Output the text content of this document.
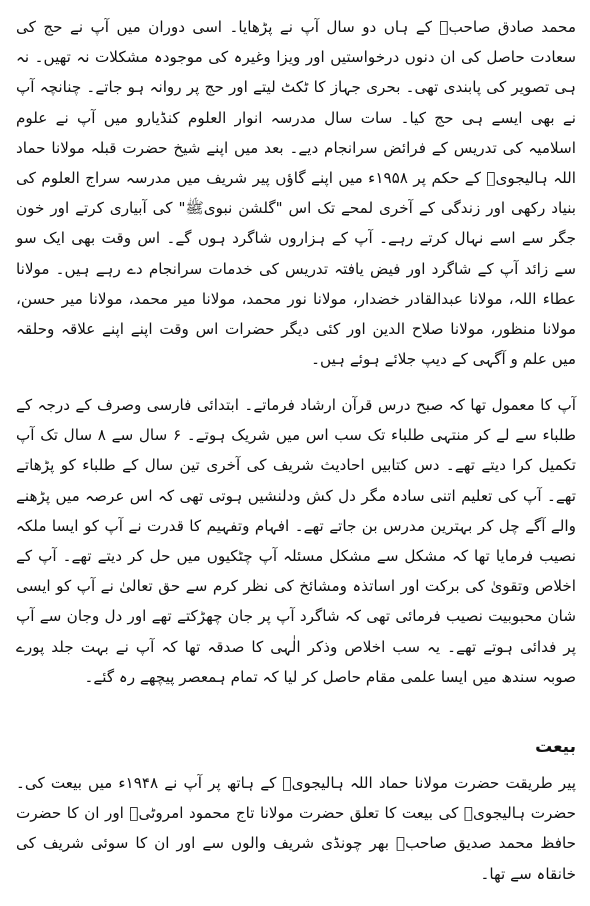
محمد صادق صاحبؒ کے ہاں دو سال آپ نے پڑھایا۔ اسی دوران میں آپ نے حج کی سعادت حاصل کی ان دنوں درخواستیں اور ویزا وغیرہ کی موجودہ مشکلات نہ تھیں۔ نہ ہی تصویر کی پابندی تھی۔ بحری جہاز کا ٹکٹ لیتے اور حج پر روانہ ہو جاتے۔ چنانچہ آپ نے بھی ایسے ہی حج کیا۔ سات سال مدرسہ انوار العلوم کنڈیارو میں آپ نے علوم اسلامیہ کی تدریس کے فرائض سرانجام دیے۔ بعد میں اپنے شیخ حضرت قبلہ مولانا حماد اللہ ہالیجویؒ کے حکم پر ۱۹۵۸ء میں اپنے گاؤں پیر شریف میں مدرسہ سراج العلوم کی بنیاد رکھی اور زندگی کے آخری لمحے تک اس "گلشن نبویﷺ" کی آبیاری کرتے اور خون جگر سے اسے نہال کرتے رہے۔ آپ کے ہزاروں شاگرد ہوں گے۔ اس وقت بھی ایک سو سے زائد آپ کے شاگرد اور فیض یافتہ تدریس کی خدمات سرانجام دے رہے ہیں۔ مولانا عطاء اللہ، مولانا عبدالقادر خضدار، مولانا نور محمد، مولانا میر محمد، مولانا میر حسن، مولانا منظور، مولانا صلاح الدین اور کئی دیگر حضرات اس وقت اپنے اپنے علاقہ وحلقہ میں علم و آگہی کے دیپ جلائے ہوئے ہیں۔

آپ کا معمول تھا کہ صبح درس قرآن ارشاد فرماتے۔ ابتدائی فارسی وصرف کے درجہ کے طلباء سے لے کر منتہی طلباء تک سب اس میں شریک ہوتے۔ ۶ سال سے ۸ سال تک آپ تکمیل کرا دیتے تھے۔ دس کتابیں احادیث شریف کی آخری تین سال کے طلباء کو پڑھاتے تھے۔ آپ کی تعلیم اتنی سادہ مگر دل کش ودلنشیں ہوتی تھی کہ اس عرصہ میں پڑھنے والے آگے چل کر بہترین مدرس بن جاتے تھے۔ افہام وتفہیم کا قدرت نے آپ کو ایسا ملکہ نصیب فرمایا تھا کہ مشکل سے مشکل مسئلہ آپ چٹکیوں میں حل کر دیتے تھے۔ آپ کے اخلاص وتقویٰ کی برکت اور اساتذہ ومشائخ کی نظر کرم سے حق تعالیٰ نے آپ کو ایسی شان محبوبیت نصیب فرمائی تھی کہ شاگرد آپ پر جان چھڑکتے تھے اور دل وجان سے آپ پر فدائی ہوتے تھے۔ یہ سب اخلاص وذکر الٰہی کا صدقہ تھا کہ آپ نے بہت جلد پورے صوبہ سندھ میں ایسا علمی مقام حاصل کر لیا کہ تمام ہمعصر پیچھے رہ گئے۔

بیعت

پیر طریقت حضرت مولانا حماد اللہ ہالیجویؒ کے ہاتھ پر آپ نے ۱۹۴۸ء میں بیعت کی۔ حضرت ہالیجویؒ کی بیعت کا تعلق حضرت مولانا تاج محمود امروٹیؒ اور ان کا حضرت حافظ محمد صدیق صاحبؒ بھر چونڈی شریف والوں سے اور ان کا سوئی شریف کی خانقاہ سے تھا۔
